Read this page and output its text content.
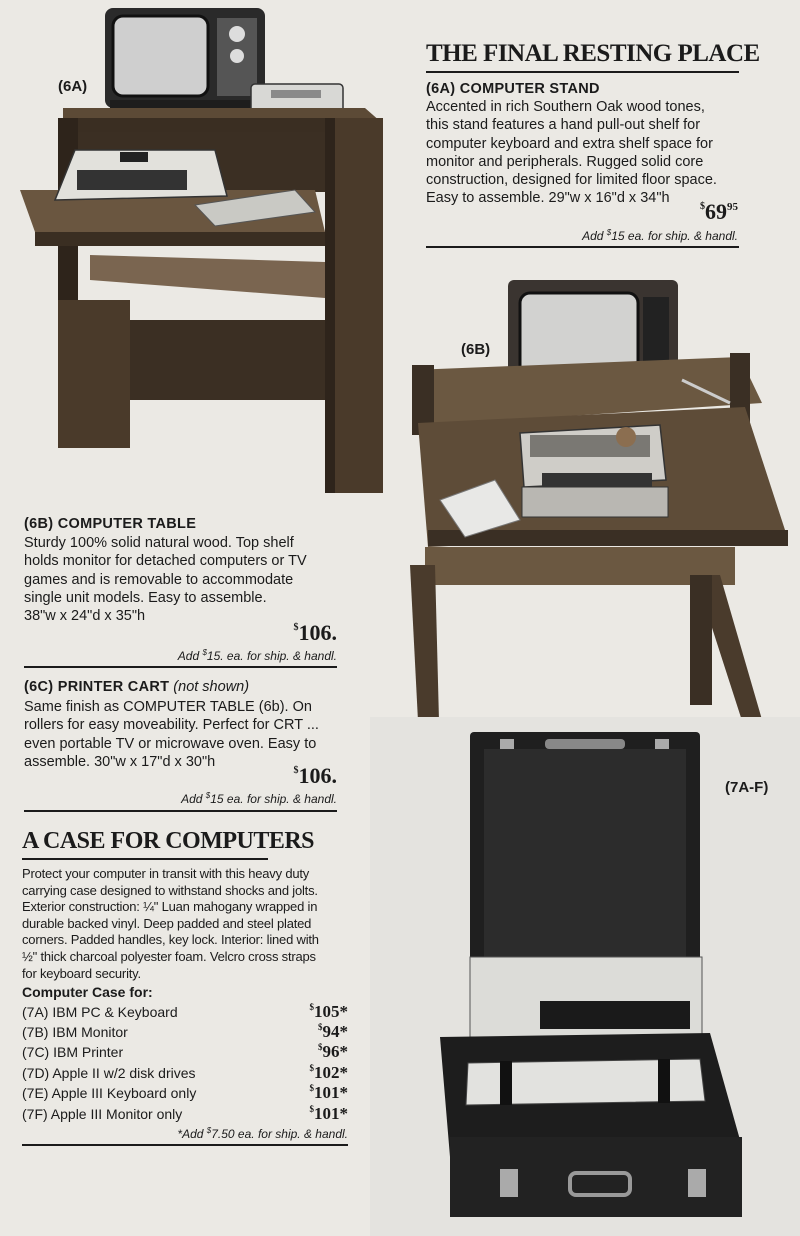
(6A)
THE FINAL RESTING PLACE
(6A) COMPUTER STAND
Accented in rich Southern Oak wood tones,
this stand features a hand pull-out shelf for
computer keyboard and extra shelf space for
monitor and peripherals. Rugged solid core
construction, designed for limited floor space.
Easy to assemble. 29"w x 16"d x 34"h
$^{\$}69^{95}$
Add $15 ea. for ship. & handl.
(6B)
(6B) COMPUTER TABLE
Sturdy 100% solid natural wood. Top shelf
holds monitor for detached computers or TV
games and is removable to accommodate
single unit models. Easy to assemble.
38"w x 24"d x 35"h
$106.
Add $15. ea. for ship. & handl.
(6C) PRINTER CART (not shown)
Same finish as COMPUTER TABLE (6b). On
rollers for easy moveability. Perfect for CRT ...
even portable TV or microwave oven. Easy to
assemble. 30"w x 17"d x 30"h
$106.
Add $15 ea. for ship. & handl.
(7A-F)
A CASE FOR COMPUTERS
Protect your computer in transit with this heavy duty
carrying case designed to withstand shocks and jolts.
Exterior construction: ¼" Luan mahogany wrapped in
durable backed vinyl. Deep padded and steel plated
corners. Padded handles, key lock. Interior: lined with
½" thick charcoal polyester foam. Velcro cross straps
for keyboard security.
Computer Case for:
(7A) IBM PC & Keyboard	$105*
(7B) IBM Monitor	$94*
(7C) IBM Printer	$96*
(7D) Apple II w/2 disk drives	$102*
(7E) Apple III Keyboard only	$101*
(7F) Apple III Monitor only	$101*
*Add $7.50 ea. for ship. & handl.
